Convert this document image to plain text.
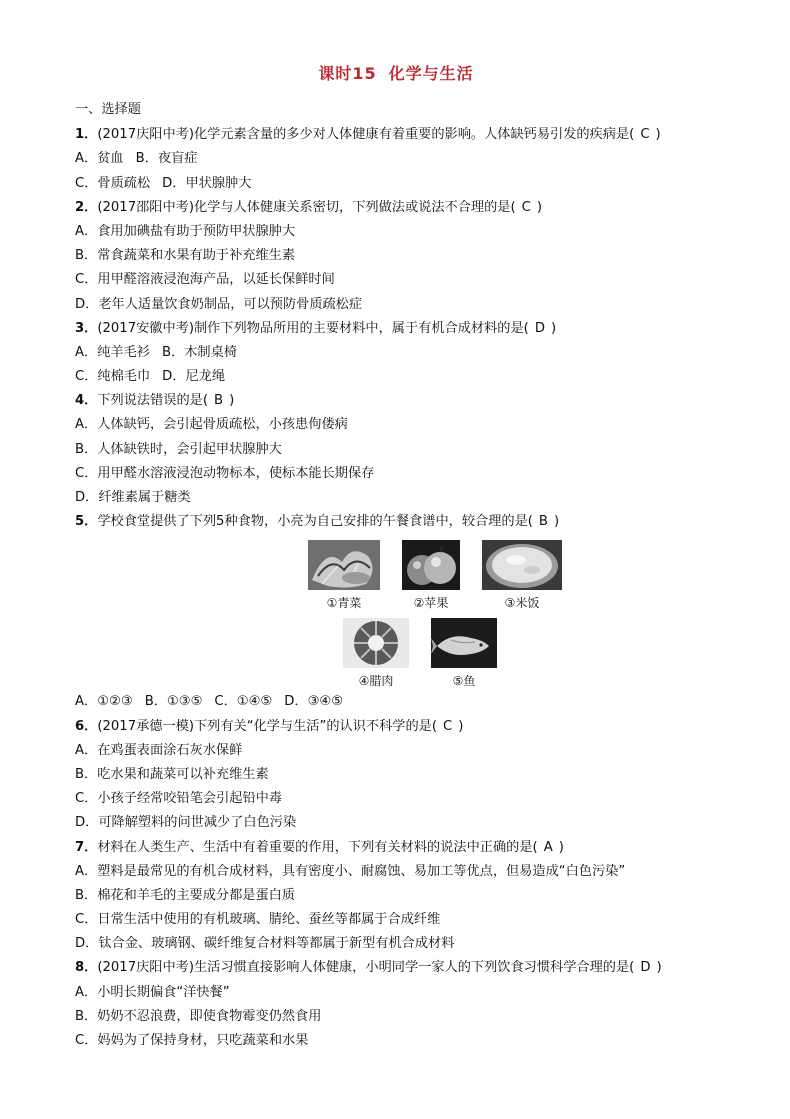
课时15 化学与生活
一、选择题
1．(2017庆阳中考)化学元素含量的多少对人体健康有着重要的影响。人体缺钙易引发的疾病是( C )
A．贫血 B．夜盲症
C．骨质疏松 D．甲状腺肿大
2．(2017邵阳中考)化学与人体健康关系密切，下列做法或说法不合理的是( C )
A．食用加碘盐有助于预防甲状腺肿大
B．常食蔬菜和水果有助于补充维生素
C．用甲醛溶液浸泡海产品，以延长保鲜时间
D．老年人适量饮食奶制品，可以预防骨质疏松症
3．(2017安徽中考)制作下列物品所用的主要材料中，属于有机合成材料的是( D )
A．纯羊毛衫 B．木制桌椅
C．纯棉毛巾 D．尼龙绳
4．下列说法错误的是( B )
A．人体缺钙，会引起骨质疏松，小孩患佝偻病
B．人体缺铁时，会引起甲状腺肿大
C．用甲醛水溶液浸泡动物标本，使标本能长期保存
D．纤维素属于糖类
5．学校食堂提供了下列5种食物，小亮为自己安排的午餐食谱中，较合理的是( B )
①青菜	②苹果	③米饭
④腊肉	⑤鱼
A．①②③ B．①③⑤ C．①④⑤ D．③④⑤
6．(2017承德一模)下列有关“化学与生活”的认识不科学的是( C )
A．在鸡蛋表面涂石灰水保鲜
B．吃水果和蔬菜可以补充维生素
C．小孩子经常咬铅笔会引起铅中毒
D．可降解塑料的问世减少了白色污染
7．材料在人类生产、生活中有着重要的作用，下列有关材料的说法中正确的是( A )
A．塑料是最常见的有机合成材料，具有密度小、耐腐蚀、易加工等优点，但易造成“白色污染”
B．棉花和羊毛的主要成分都是蛋白质
C．日常生活中使用的有机玻璃、腈纶、蚕丝等都属于合成纤维
D．钛合金、玻璃钢、碳纤维复合材料等都属于新型有机合成材料
8．(2017庆阳中考)生活习惯直接影响人体健康，小明同学一家人的下列饮食习惯科学合理的是( D )
A．小明长期偏食“洋快餐”
B．奶奶不忍浪费，即使食物霉变仍然食用
C．妈妈为了保持身材，只吃蔬菜和水果
